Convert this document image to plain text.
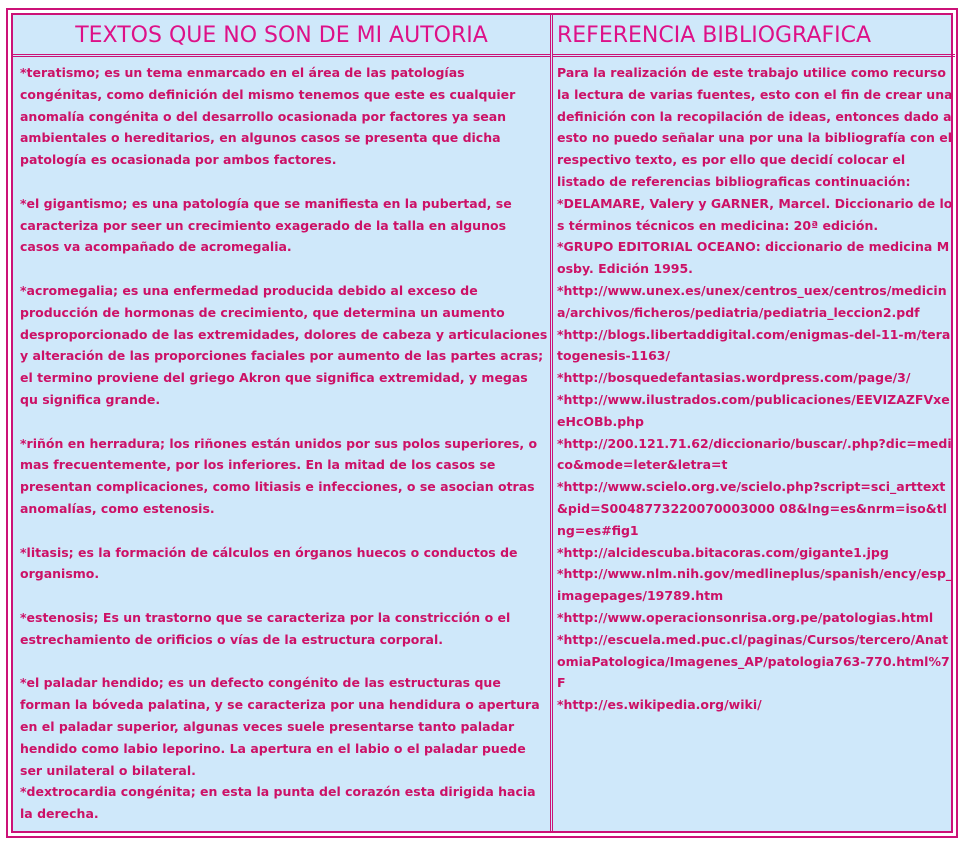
TEXTOS QUE NO SON DE MI AUTORIA	REFERENCIA BIBLIOGRAFICA

*teratismo; es un tema enmarcado en el área de las patologías congénitas, como definición del mismo tenemos que este es cualquier anomalía congénita o del desarrollo ocasionada por factores ya sean ambientales o hereditarios, en algunos casos se presenta que dicha patología es ocasionada por ambos factores.

*el gigantismo; es una patología que se manifiesta en la pubertad, se caracteriza por seer un crecimiento exagerado de la talla en algunos casos va acompañado de acromegalia.

*acromegalia; es una enfermedad producida debido al exceso de producción de hormonas de crecimiento, que determina un aumento desproporcionado de las extremidades, dolores de cabeza y articulaciones y alteración de las proporciones faciales por aumento de las partes acras; el termino proviene del griego Akron que significa extremidad, y megas qu significa grande.

*riñón en herradura; los riñones están unidos por sus polos superiores, o mas frecuentemente, por los inferiores. En la mitad de los casos se presentan complicaciones, como litiasis e infecciones, o se asocian otras anomalías, como estenosis.

*litasis; es la formación de cálculos en órganos huecos o conductos de organismo.

*estenosis; Es un trastorno que se caracteriza por la constricción o el estrechamiento de orificios o vías de la estructura corporal.

*el paladar hendido; es un defecto congénito de las estructuras que forman la bóveda palatina, y se caracteriza por una hendidura o apertura en el paladar superior, algunas veces suele presentarse tanto paladar hendido como labio leporino. La apertura en el labio o el paladar puede ser unilateral o bilateral.

*dextrocardia congénita; en esta la punta del corazón esta dirigida hacia la derecha.

Para la realización de este trabajo utilice como recurso la lectura de varias fuentes, esto con el fin de crear una definición con la recopilación de ideas, entonces dado a esto no puedo señalar una por una la bibliografía con el respectivo texto, es por ello que decidí colocar el listado de referencias bibliograficas continuación:

*DELAMARE, Valery y GARNER, Marcel. Diccionario de los términos técnicos en medicina: 20ª edición.

*GRUPO EDITORIAL OCEANO: diccionario de medicina Mosby. Edición 1995.

*http://www.unex.es/unex/centros_uex/centros/medicina/archivos/ficheros/pediatria/pediatria_leccion2.pdf

*http://blogs.libertaddigital.com/enigmas-del-11-m/teratogenesis-1163/

*http://bosquedefantasias.wordpress.com/page/3/

*http://www.ilustrados.com/publicaciones/EEVIZAZFVxeeHcOBb.php

*http://200.121.71.62/diccionario/buscar/.php?dic=medico&mode=leter&letra=t

*http://www.scielo.org.ve/scielo.php?script=sci_arttext&pid=S0048773220070003000 08&lng=es&nrm=iso&tlng=es#fig1

*http://alcidescuba.bitacoras.com/gigante1.jpg

*http://www.nlm.nih.gov/medlineplus/spanish/ency/esp_imagepages/19789.htm

*http://www.operacionsonrisa.org.pe/patologias.html

*http://escuela.med.puc.cl/paginas/Cursos/tercero/AnatomiaPatologica/Imagenes_AP/patologia763-770.html%7F

*http://es.wikipedia.org/wiki/
